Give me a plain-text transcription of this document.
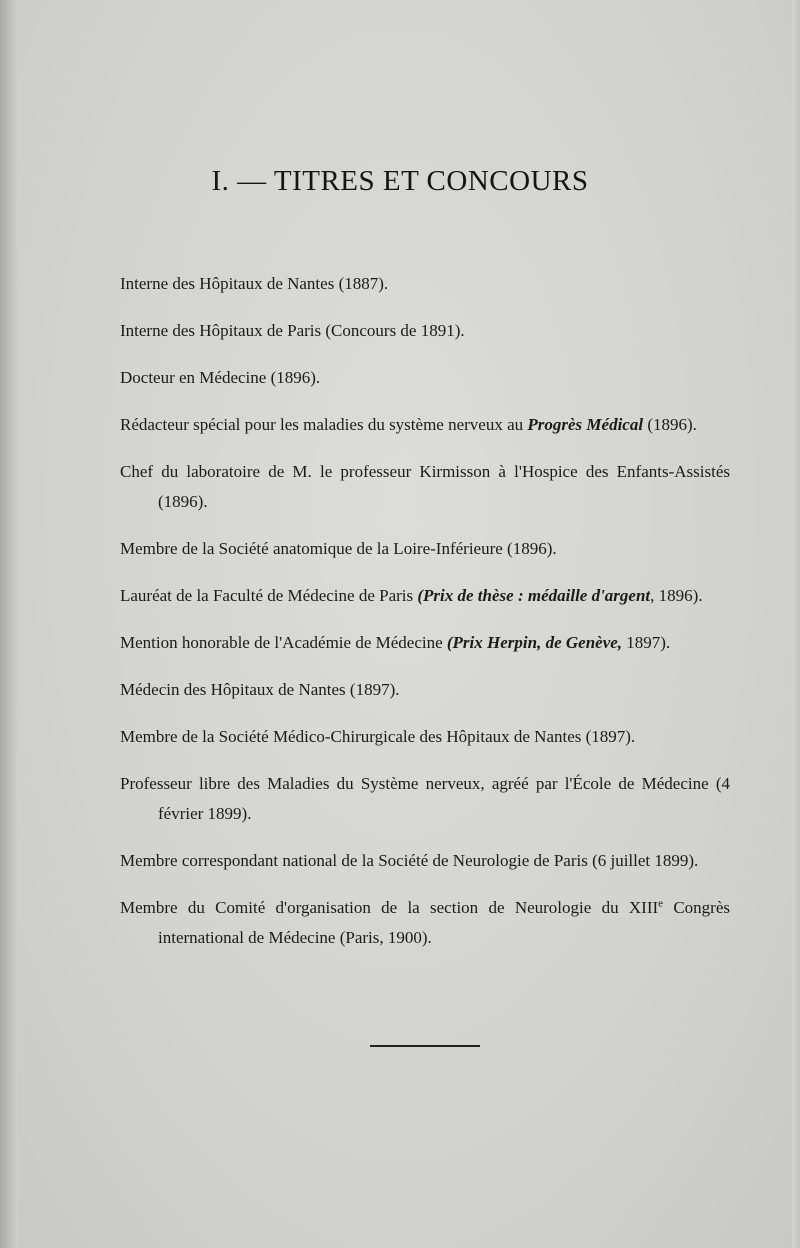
I. — TITRES ET CONCOURS

Interne des Hôpitaux de Nantes (1887).

Interne des Hôpitaux de Paris (Concours de 1891).

Docteur en Médecine (1896).

Rédacteur spécial pour les maladies du système nerveux au Progrès Médical (1896).

Chef du laboratoire de M. le professeur Kirmisson à l'Hospice des Enfants-Assistés (1896).

Membre de la Société anatomique de la Loire-Inférieure (1896).

Lauréat de la Faculté de Médecine de Paris (Prix de thèse : médaille d'argent, 1896).

Mention honorable de l'Académie de Médecine (Prix Herpin, de Genève, 1897).

Médecin des Hôpitaux de Nantes (1897).

Membre de la Société Médico-Chirurgicale des Hôpitaux de Nantes (1897).

Professeur libre des Maladies du Système nerveux, agréé par l'École de Médecine (4 février 1899).

Membre correspondant national de la Société de Neurologie de Paris (6 juillet 1899).

Membre du Comité d'organisation de la section de Neurologie du XIIIe Congrès international de Médecine (Paris, 1900).
